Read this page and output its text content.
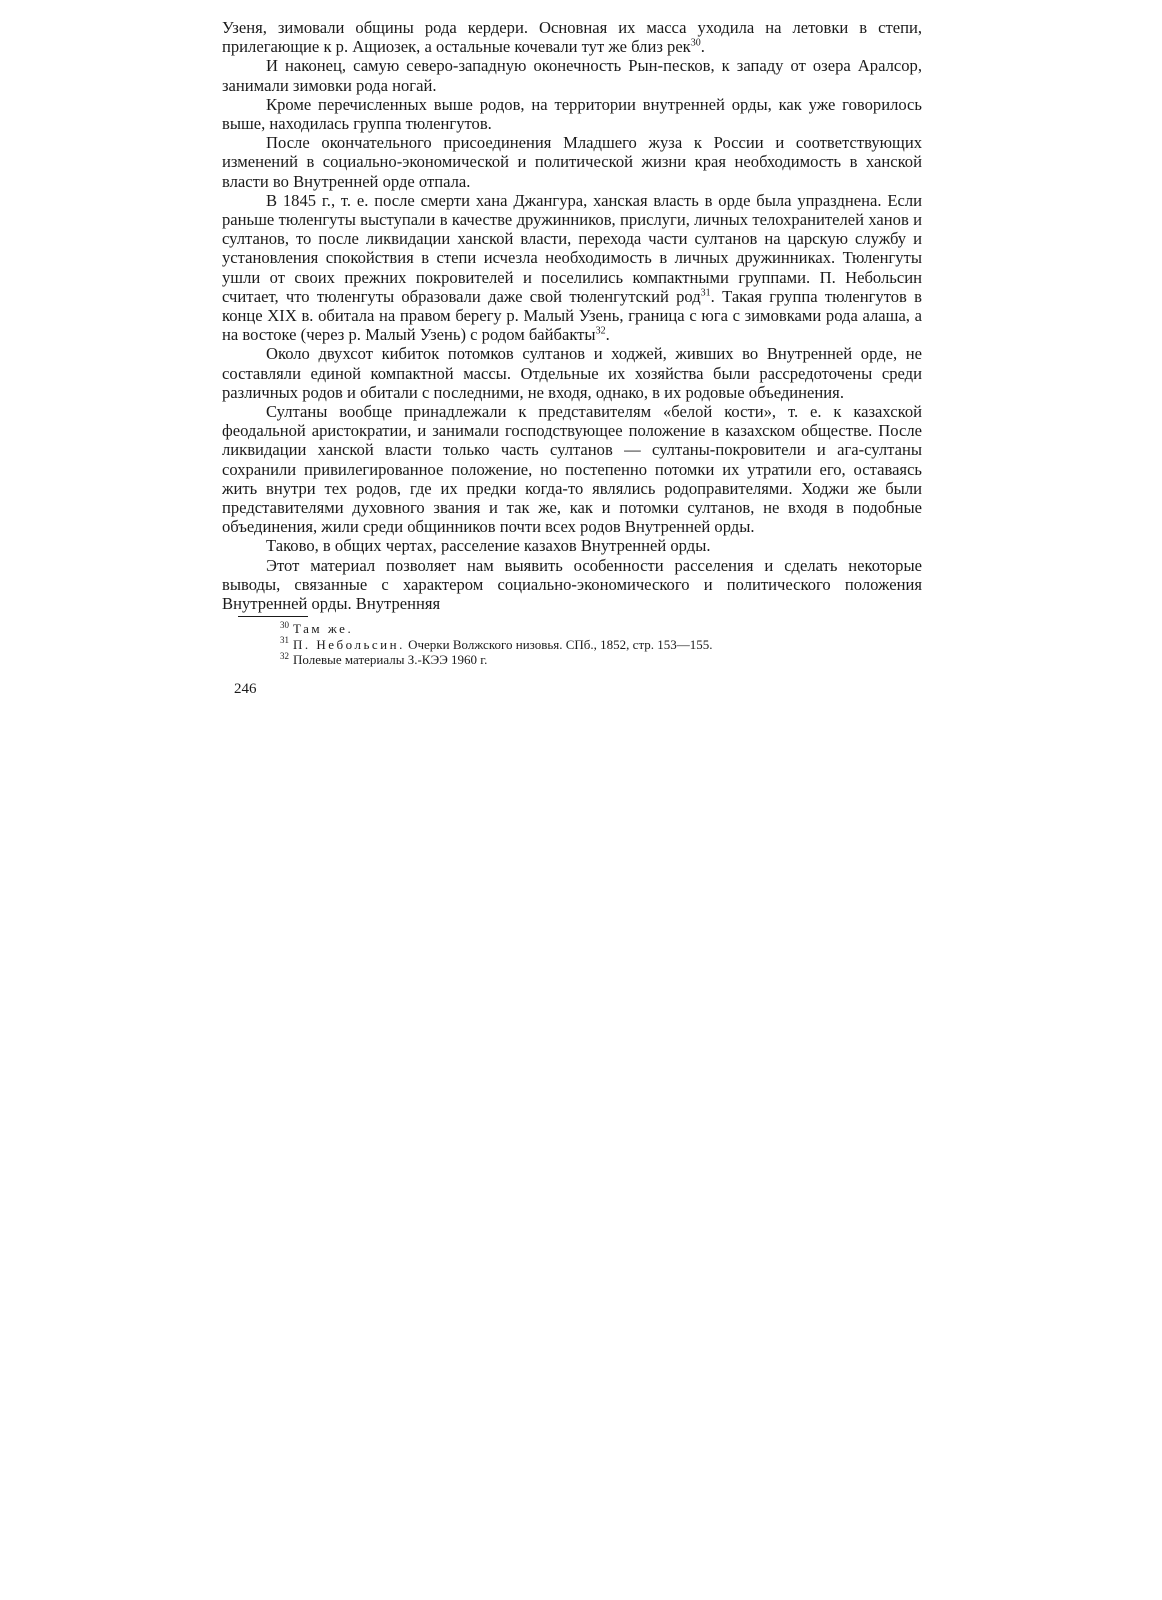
Узеня, зимовали общины рода кердери. Основная их масса уходила на летовки в степи, прилегающие к р. Ащиозек, а остальные кочевали тут же близ рек$^{30}$.

И наконец, самую северо-западную оконечность Рын-песков, к западу от озера Аралсор, занимали зимовки рода ногай.

Кроме перечисленных выше родов, на территории внутренней орды, как уже говорилось выше, находилась группа тюленгутов.

После окончательного присоединения Младшего жуза к России и соответствующих изменений в социально-экономической и политической жизни края необходимость в ханской власти во Внутренней орде отпала.

В 1845 г., т. е. после смерти хана Джангура, ханская власть в орде была упразднена. Если раньше тюленгуты выступали в качестве дружинников, прислуги, личных телохранителей ханов и султанов, то после ликвидации ханской власти, перехода части султанов на царскую службу и установления спокойствия в степи исчезла необходимость в личных дружинниках. Тюленгуты ушли от своих прежних покровителей и поселились компактными группами. П. Небольсин считает, что тюленгуты образовали даже свой тюленгутский род$^{31}$. Такая группа тюленгутов в конце XIX в. обитала на правом берегу р. Малый Узень, граница с юга с зимовками рода алаша, а на востоке (через р. Малый Узень) с родом байбакты$^{32}$.

Около двухсот кибиток потомков султанов и ходжей, живших во Внутренней орде, не составляли единой компактной массы. Отдельные их хозяйства были рассредоточены среди различных родов и обитали с последними, не входя, однако, в их родовые объединения.

Султаны вообще принадлежали к представителям «белой кости», т. е. к казахской феодальной аристократии, и занимали господствующее положение в казахском обществе. После ликвидации ханской власти только часть султанов — султаны-покровители и ага-султаны сохранили привилегированное положение, но постепенно потомки их утратили его, оставаясь жить внутри тех родов, где их предки когда-то являлись родоправителями. Ходжи же были представителями духовного звания и так же, как и потомки султанов, не входя в подобные объединения, жили среди общинников почти всех родов Внутренней орды.

Таково, в общих чертах, расселение казахов Внутренней орды.

Этот материал позволяет нам выявить особенности расселения и сделать некоторые выводы, связанные с характером социально-экономического и политического положения Внутренней орды. Внутренняя

$^{30}$ Там же.

$^{31}$ П. Небольсин. Очерки Волжского низовья. СПб., 1852, стр. 153—155.

$^{32}$ Полевые материалы З.-КЭЭ 1960 г.

246
